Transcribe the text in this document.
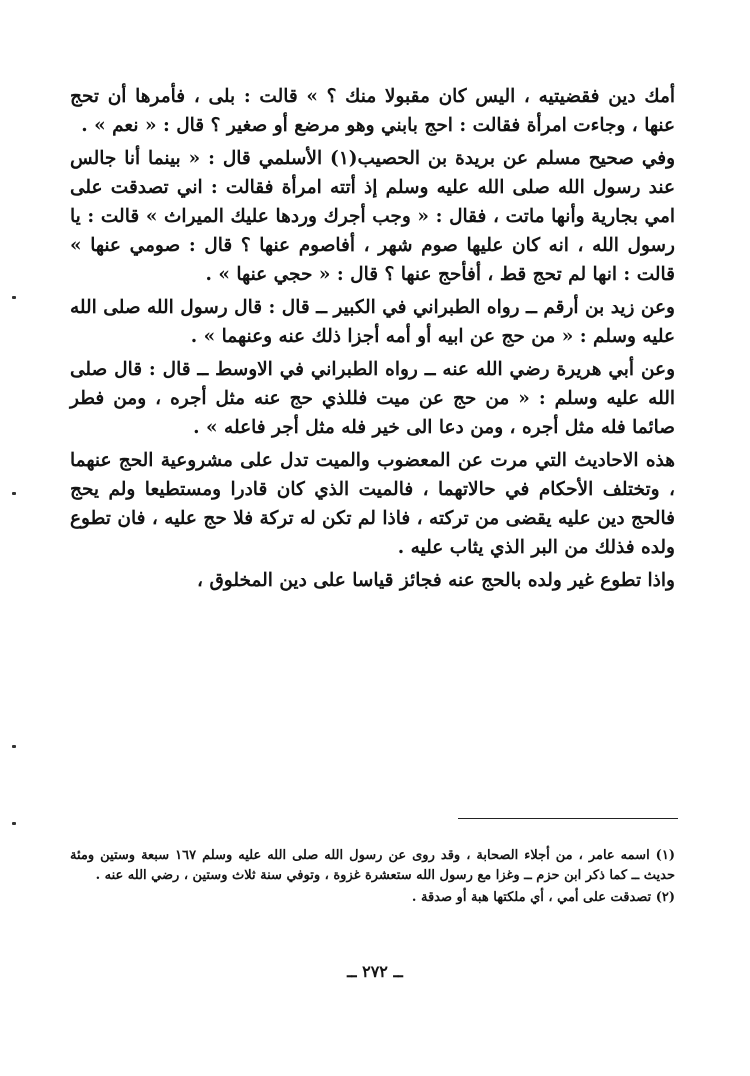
أمك دين فقضيتيه ، اليس كان مقبولا منك ؟ » قالت : بلى ، فأمرها أن تحج عنها ، وجاءت امرأة فقالت : احج بابني وهو مرضع أو صغير ؟ قال : « نعم » .

وفي صحيح مسلم عن بريدة بن الحصيب(١) الأسلمي قال : « بينما أنا جالس عند رسول الله صلى الله عليه وسلم إذ أتته امرأة فقالت : اني تصدقت على امي بجارية وأنها ماتت ، فقال : « وجب أجرك وردها عليك الميراث » قالت : يا رسول الله ، انه كان عليها صوم شهر ، أفاصوم عنها ؟ قال : صومي عنها » قالت : انها لم تحج قط ، أفأحج عنها ؟ قال : « حجي عنها » .

وعن زيد بن أرقم ــ رواه الطبراني في الكبير ــ قال : قال رسول الله صلى الله عليه وسلم : « من حج عن ابيه أو أمه أجزا ذلك عنه وعنهما » .

وعن أبي هريرة رضي الله عنه ــ رواه الطبراني في الاوسط ــ قال : قال صلى الله عليه وسلم : « من حج عن ميت فللذي حج عنه مثل أجره ، ومن فطر صائما فله مثل أجره ، ومن دعا الى خير فله مثل أجر فاعله » .

هذه الاحاديث التي مرت عن المعضوب والميت تدل على مشروعية الحج عنهما ، وتختلف الأحكام في حالاتهما ، فالميت الذي كان قادرا ومستطيعا ولم يحج فالحج دين عليه يقضى من تركته ، فاذا لم تكن له تركة فلا حج عليه ، فان تطوع ولده فذلك من البر الذي يثاب عليه .

واذا تطوع غير ولده بالحج عنه فجائز قياسا على دين المخلوق ،

(١) اسمه عامر ، من أجلاء الصحابة ، وقد روى عن رسول الله صلى الله عليه وسلم ١٦٧ سبعة وستين ومئة حديث ــ كما ذكر ابن حزم ــ وغزا مع رسول الله ستعشرة غزوة ، وتوفي سنة ثلاث وستين ، رضي الله عنه .

(٢) تصدقت على أمي ، أي ملكتها هبة أو صدقة .

ــ ٢٧٢ ــ
